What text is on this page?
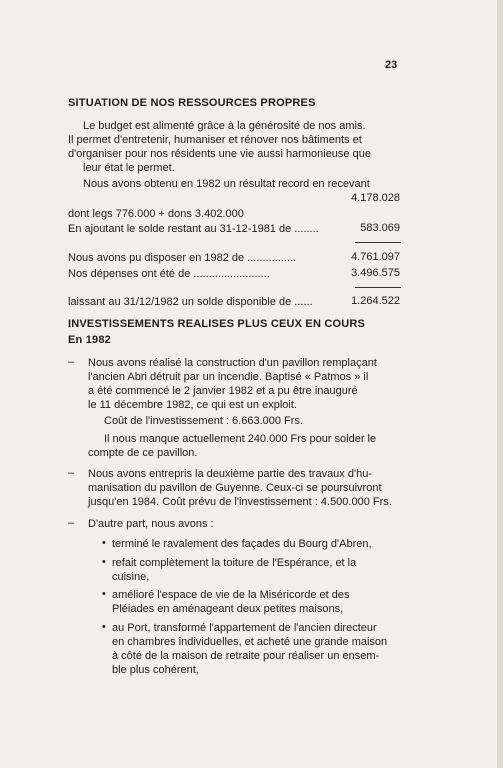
23
SITUATION DE NOS RESSOURCES PROPRES
Le budget est alimenté grâce à la générosité de nos amis.
Il permet d'entretenir, humaniser et rénover nos bâtiments et
d'organiser pour nos résidents une vie aussi harmonieuse que
leur état le permet.
Nous avons obtenu en 1982 un résultat record en recevant
4.178.028
dont legs 776.000 + dons 3.402.000
En ajoutant le solde restant au 31-12-1981 de ........	583.069
Nous avons pu disposer en 1982 de ................	4.761.097
Nos dépenses ont été de .........................	3.496.575
laissant au 31/12/1982 un solde disponible de ......	1.264.522
INVESTISSEMENTS REALISES PLUS CEUX EN COURS
En 1982
– Nous avons réalisé la construction d'un pavillon remplaçant
l'ancien Abri détruit par un incendie. Baptisé « Patmos » il
a été commencé le 2 janvier 1982 et a pu être inauguré
le 11 décembre 1982, ce qui est un exploit.
Coût de l'investissement : 6.663.000 Frs.
Il nous manque actuellement 240.000 Frs pour solder le
compte de ce pavillon.
– Nous avons entrepris la deuxième partie des travaux d'hu-
manisation du pavillon de Guyenne. Ceux-ci se poursuivront
jusqu'en 1984. Coût prévu de l'investissement : 4.500.000 Frs.
– D'autre part, nous avons :
• terminé le ravalement des façades du Bourg d'Abren,
• refait complètement la toiture de l'Espérance, et la
cuisine,
• amélioré l'espace de vie de la Miséricorde et des
Pléiades en aménageant deux petites maisons,
• au Port, transformé l'appartement de l'ancien directeur
en chambres individuelles, et acheté une grande maison
à côté de la maison de retraite pour réaliser un ensem-
ble plus cohérent,
